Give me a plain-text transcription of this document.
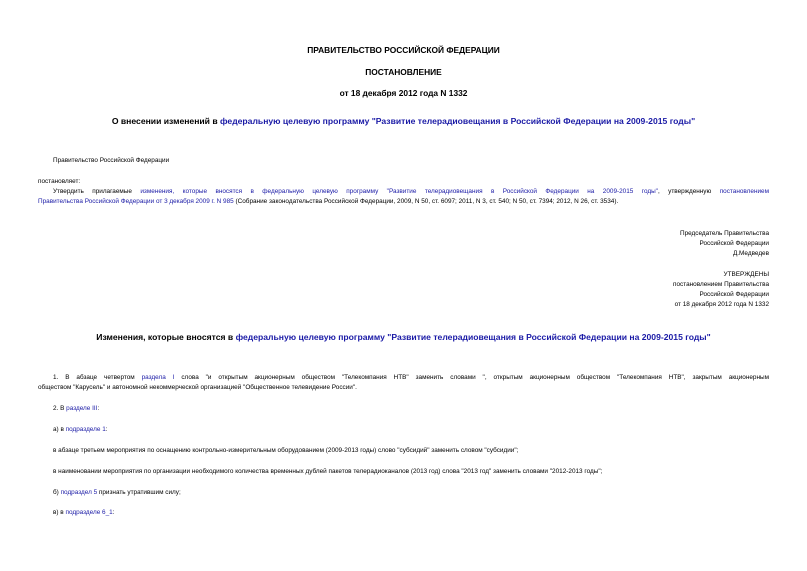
ПРАВИТЕЛЬСТВО РОССИЙСКОЙ ФЕДЕРАЦИИ
ПОСТАНОВЛЕНИЕ
от 18 декабря 2012 года N 1332
О внесении изменений в федеральную целевую программу "Развитие телерадиовещания в Российской Федерации на 2009-2015 годы"
Правительство Российской Федерации
постановляет:
Утвердить прилагаемые изменения, которые вносятся в федеральную целевую программу "Развитие телерадиовещания в Российской Федерации на 2009-2015 годы", утвержденную постановлением
Правительства Российской Федерации от 3 декабря 2009 г. N 985 (Собрание законодательства Российской Федерации, 2009, N 50, ст. 6097; 2011, N 3, ст. 540; N 50, ст. 7394; 2012, N 26, ст. 3534).
Председатель Правительства
Российской Федерации
Д.Медведев
УТВЕРЖДЕНЫ
постановлением Правительства
Российской Федерации
от 18 декабря 2012 года N 1332
Изменения, которые вносятся в федеральную целевую программу "Развитие телерадиовещания в Российской Федерации на 2009-2015 годы"
1. В абзаце четвертом раздела I слова "и открытым акционерным обществом "Телекомпания НТВ" заменить словами ", открытым акционерным обществом "Телекомпания НТВ", закрытым акционерным
обществом "Карусель" и автономной некоммерческой организацией "Общественное телевидение России".
2. В разделе III:
а) в подразделе 1:
в абзаце третьем мероприятия по оснащению контрольно-измерительным оборудованием (2009-2013 годы) слово "субсидий" заменить словом "субсидии";
в наименовании мероприятия по организации необходимого количества временных дублей пакетов телерадиоканалов (2013 год) слова "2013 год" заменить словами "2012-2013 годы";
б) подраздел 5 признать утратившим силу;
в) в подразделе 6_1:
